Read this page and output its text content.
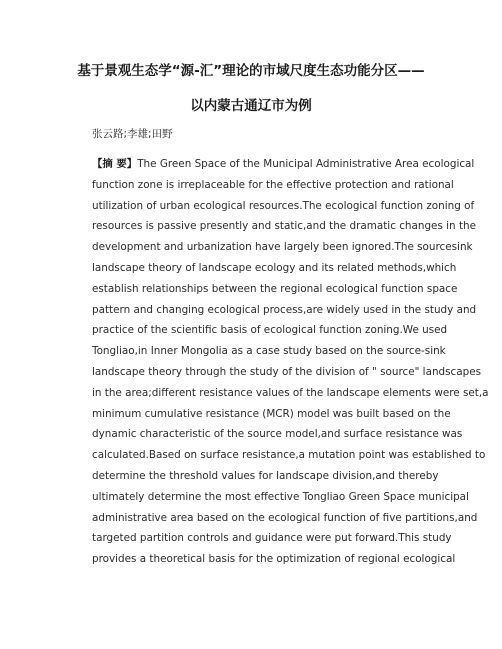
基于景观生态学“源-汇”理论的市域尺度生态功能分区——
以内蒙古通辽市为例
张云路;李雄;田野
【摘 要】The Green Space of the Municipal Administrative Area ecological
function zone is irreplaceable for the effective protection and rational
utilization of urban ecological resources.The ecological function zoning of
resources is passive presently and static,and the dramatic changes in the
development and urbanization have largely been ignored.The sourcesink
landscape theory of landscape ecology and its related methods,which
establish relationships between the regional ecological function space
pattern and changing ecological process,are widely used in the study and
practice of the scientific basis of ecological function zoning.We used
Tongliao,in Inner Mongolia as a case study based on the source-sink
landscape theory through the study of the division of " source" landscapes
in the area;different resistance values of the landscape elements were set,a
minimum cumulative resistance (MCR) model was built based on the
dynamic characteristic of the source model,and surface resistance was
calculated.Based on surface resistance,a mutation point was established to
determine the threshold values for landscape division,and thereby
ultimately determine the most effective Tongliao Green Space municipal
administrative area based on the ecological function of five partitions,and
targeted partition controls and guidance were put forward.This study
provides a theoretical basis for the optimization of regional ecological
